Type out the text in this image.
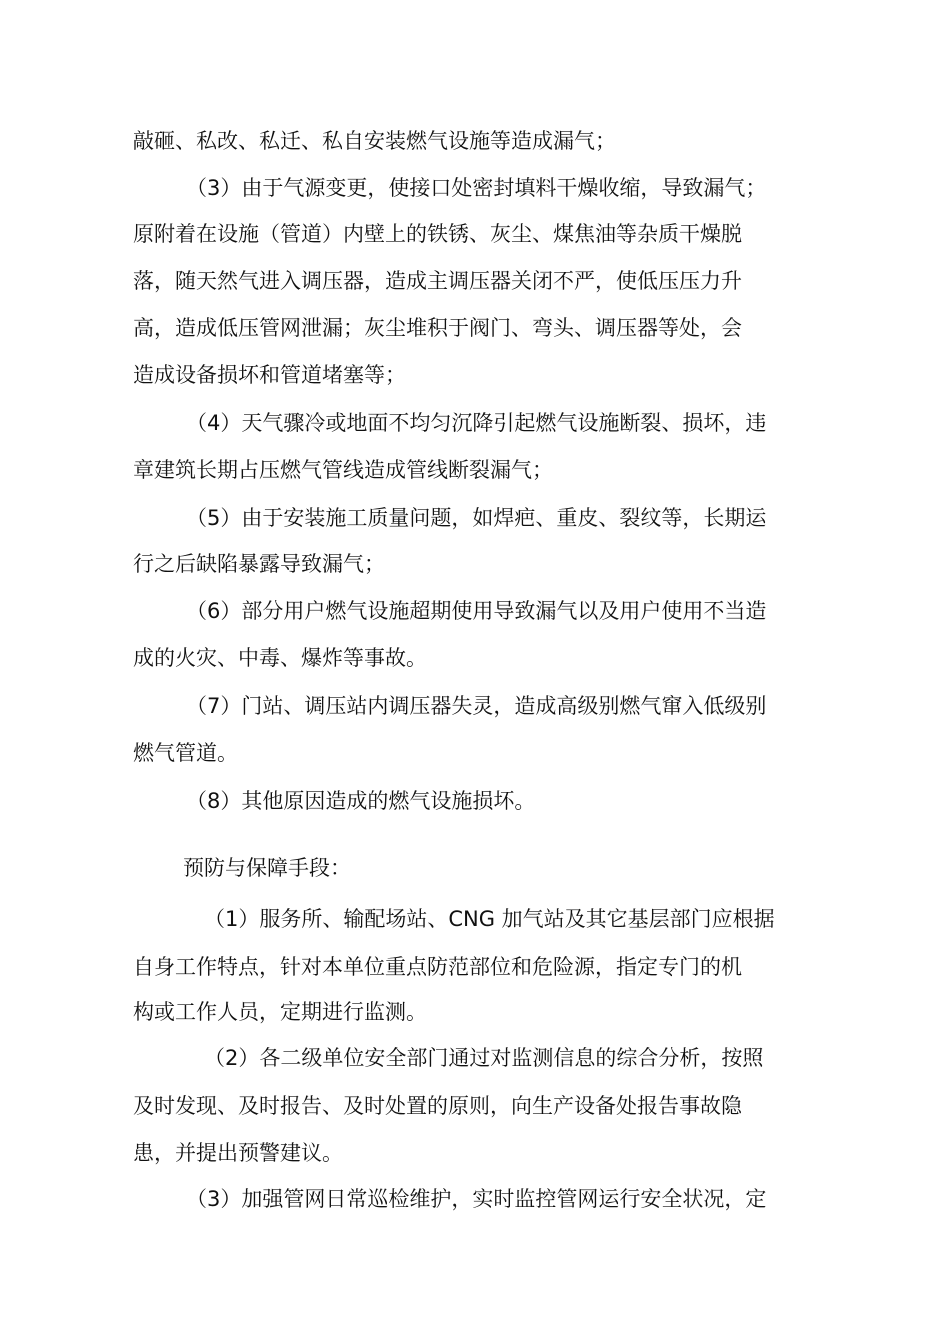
敲砸、私改、私迁、私自安装燃气设施等造成漏气；

（3）由于气源变更，使接口处密封填料干燥收缩，导致漏气；

原附着在设施（管道）内壁上的铁锈、灰尘、煤焦油等杂质干燥脱

落，随天然气进入调压器，造成主调压器关闭不严，使低压压力升

高，造成低压管网泄漏；灰尘堆积于阀门、弯头、调压器等处，会

造成设备损坏和管道堵塞等；

（4）天气骤冷或地面不均匀沉降引起燃气设施断裂、损坏，违

章建筑长期占压燃气管线造成管线断裂漏气；

（5）由于安装施工质量问题，如焊疤、重皮、裂纹等，长期运

行之后缺陷暴露导致漏气；

（6）部分用户燃气设施超期使用导致漏气以及用户使用不当造

成的火灾、中毒、爆炸等事故。

（7）门站、调压站内调压器失灵，造成高级别燃气窜入低级别

燃气管道。

（8）其他原因造成的燃气设施损坏。

预防与保障手段：

（1）服务所、输配场站、CNG 加气站及其它基层部门应根据

自身工作特点，针对本单位重点防范部位和危险源，指定专门的机

构或工作人员，定期进行监测。

（2）各二级单位安全部门通过对监测信息的综合分析，按照

及时发现、及时报告、及时处置的原则，向生产设备处报告事故隐

患，并提出预警建议。

（3）加强管网日常巡检维护，实时监控管网运行安全状况，定
